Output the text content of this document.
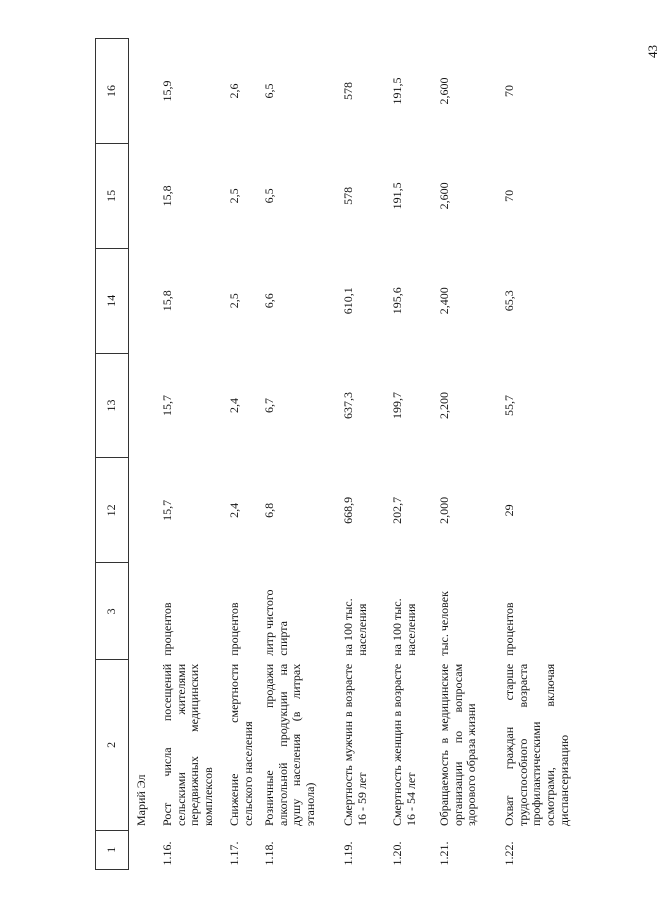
43
1	2	3	12	13	14	15	16
	Марий Эл						
1.16.	Рост числа посещений сельскими жителями передвижных медицинских комплексов	процентов	15,7	15,7	15,8	15,8	15,9
1.17.	Снижение смертности сельского населения	процентов	2,4	2,4	2,5	2,5	2,6
1.18.	Розничные продажи алкогольной продукции на душу населения (в литрах этанола)	литр чистого спирта	6,8	6,7	6,6	6,5	6,5
1.19.	Смертность мужчин в возрасте 16 - 59 лет	на 100 тыс. населения	668,9	637,3	610,1	578	578
1.20.	Смертность женщин в возрасте 16 - 54 лет	на 100 тыс. населения	202,7	199,7	195,6	191,5	191,5
1.21.	Обращаемость в медицинские организации по вопросам здорового образа жизни	тыс. человек	2,000	2,200	2,400	2,600	2,600
1.22.	Охват граждан старше трудоспособного возраста профилактическими осмотрами, включая диспансеризацию	процентов	29	55,7	65,3	70	70
